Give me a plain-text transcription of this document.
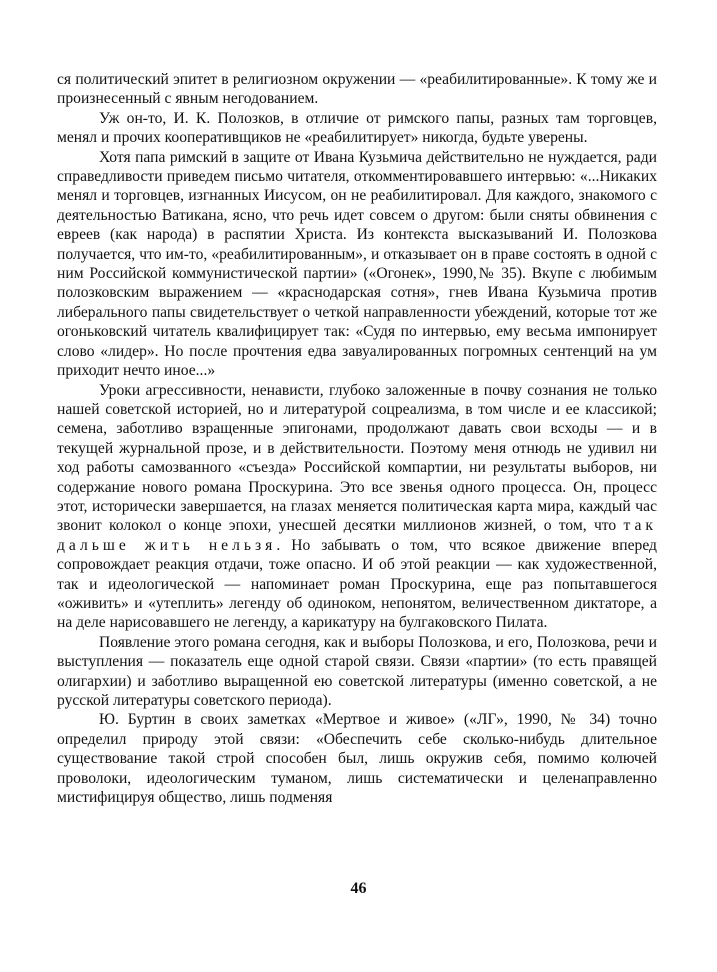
ся политический эпитет в религиозном окружении — «реабилитированные». К тому же и произнесенный с явным негодованием.

Уж он-то, И. К. Полозков, в отличие от римского папы, разных там торговцев, менял и прочих кооперативщиков не «реабилитирует» никогда, будьте уверены.

Хотя папа римский в защите от Ивана Кузьмича действительно не нуждается, ради справедливости приведем письмо читателя, откомментировавшего интервью: «...Никаких менял и торговцев, изгнанных Иисусом, он не реабилитировал. Для каждого, знакомого с деятельностью Ватикана, ясно, что речь идет совсем о другом: были сняты обвинения с евреев (как народа) в распятии Христа. Из контекста высказываний И. Полозкова получается, что им-то, «реабилитированным», и отказывает он в праве состоять в одной с ним Российской коммунистической партии» («Огонек», 1990,№ 35). Вкупе с любимым полозковским выражением — «краснодарская сотня», гнев Ивана Кузьмича против либерального папы свидетельствует о четкой направленности убеждений, которые тот же огоньковский читатель квалифицирует так: «Судя по интервью, ему весьма импонирует слово «лидер». Но после прочтения едва завуалированных погромных сентенций на ум приходит нечто иное...»

Уроки агрессивности, ненависти, глубоко заложенные в почву сознания не только нашей советской историей, но и литературой соцреализма, в том числе и ее классикой; семена, заботливо взращенные эпигонами, продолжают давать свои всходы — и в текущей журнальной прозе, и в действительности. Поэтому меня отнюдь не удивил ни ход работы самозванного «съезда» Российской компартии, ни результаты выборов, ни содержание нового романа Проскурина. Это все звенья одного процесса. Он, процесс этот, исторически завершается, на глазах меняется политическая карта мира, каждый час звонит колокол о конце эпохи, унесшей десятки миллионов жизней, о том, что так дальше жить нельзя. Но забывать о том, что всякое движение вперед сопровождает реакция отдачи, тоже опасно. И об этой реакции — как художественной, так и идеологической — напоминает роман Проскурина, еще раз попытавшегося «оживить» и «утеплить» легенду об одиноком, непонятом, величественном диктаторе, а на деле нарисовавшего не легенду, а карикатуру на булгаковского Пилата.

Появление этого романа сегодня, как и выборы Полозкова, и его, Полозкова, речи и выступления — показатель еще одной старой связи. Связи «партии» (то есть правящей олигархии) и заботливо выращенной ею советской литературы (именно советской, а не русской литературы советского периода).

Ю. Буртин в своих заметках «Мертвое и живое» («ЛГ», 1990, № 34) точно определил природу этой связи: «Обеспечить себе сколько-нибудь длительное существование такой строй способен был, лишь окружив себя, помимо колючей проволоки, идеологическим туманом, лишь систематически и целенаправленно мистифицируя общество, лишь подменяя

46
